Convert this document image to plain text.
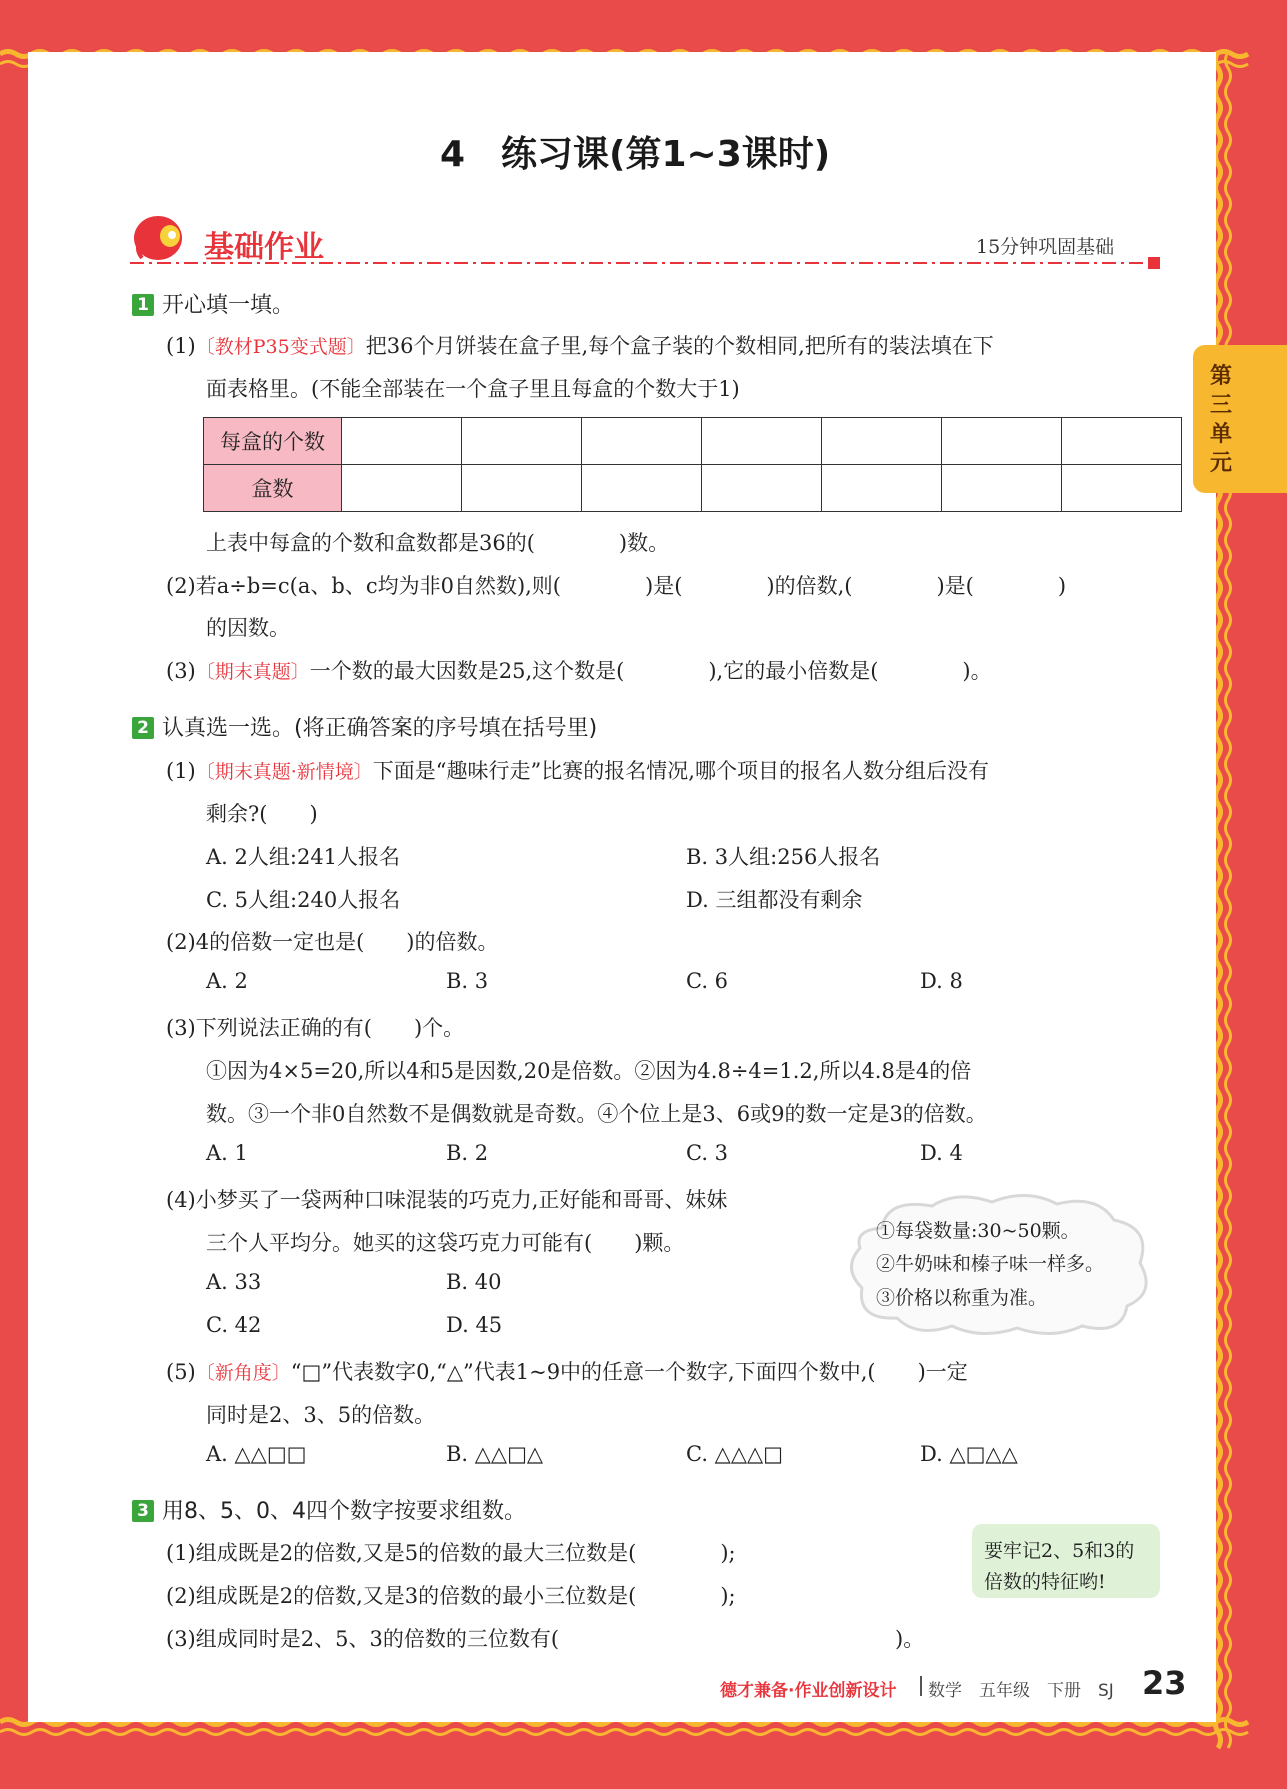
第三单元
4　练习课(第1~3课时)
基础作业	15分钟巩固基础
1 开心填一填。
(1)〔教材P35变式题〕把36个月饼装在盒子里,每个盒子装的个数相同,把所有的装法填在下
面表格里。(不能全部装在一个盒子里且每盒的个数大于1)
每盒的个数							
盒数							
上表中每盒的个数和盒数都是36的(　　　　)数。
(2)若a÷b=c(a、b、c均为非0自然数),则(　　　　)是(　　　　)的倍数,(　　　　)是(　　　　)
的因数。
(3)〔期末真题〕一个数的最大因数是25,这个数是(　　　　),它的最小倍数是(　　　　)。
2 认真选一选。(将正确答案的序号填在括号里)
(1)〔期末真题·新情境〕下面是“趣味行走”比赛的报名情况,哪个项目的报名人数分组后没有
剩余?(　　)
A. 2人组:241人报名	B. 3人组:256人报名
C. 5人组:240人报名	D. 三组都没有剩余
(2)4的倍数一定也是(　　)的倍数。
A. 2	B. 3	C. 6	D. 8
(3)下列说法正确的有(　　)个。
①因为4×5=20,所以4和5是因数,20是倍数。②因为4.8÷4=1.2,所以4.8是4的倍
数。③一个非0自然数不是偶数就是奇数。④个位上是3、6或9的数一定是3的倍数。
A. 1	B. 2	C. 3	D. 4
(4)小梦买了一袋两种口味混装的巧克力,正好能和哥哥、妹妹
三个人平均分。她买的这袋巧克力可能有(　　)颗。
A. 33	B. 40
C. 42	D. 45
①每袋数量:30~50颗。
②牛奶味和榛子味一样多。
③价格以称重为准。
(5)〔新角度〕“□”代表数字0,“△”代表1~9中的任意一个数字,下面四个数中,(　　)一定
同时是2、3、5的倍数。
A. △△□□	B. △△□△	C. △△△□	D. △□△△
3 用8、5、0、4四个数字按要求组数。
(1)组成既是2的倍数,又是5的倍数的最大三位数是(　　　　);
(2)组成既是2的倍数,又是3的倍数的最小三位数是(　　　　);
(3)组成同时是2、5、3的倍数的三位数有(　　　　　　　　　　　　　　　　)。
要牢记2、5和3的
倍数的特征哟!
德才兼备·作业创新设计 数学　五年级　下册　SJ 23
